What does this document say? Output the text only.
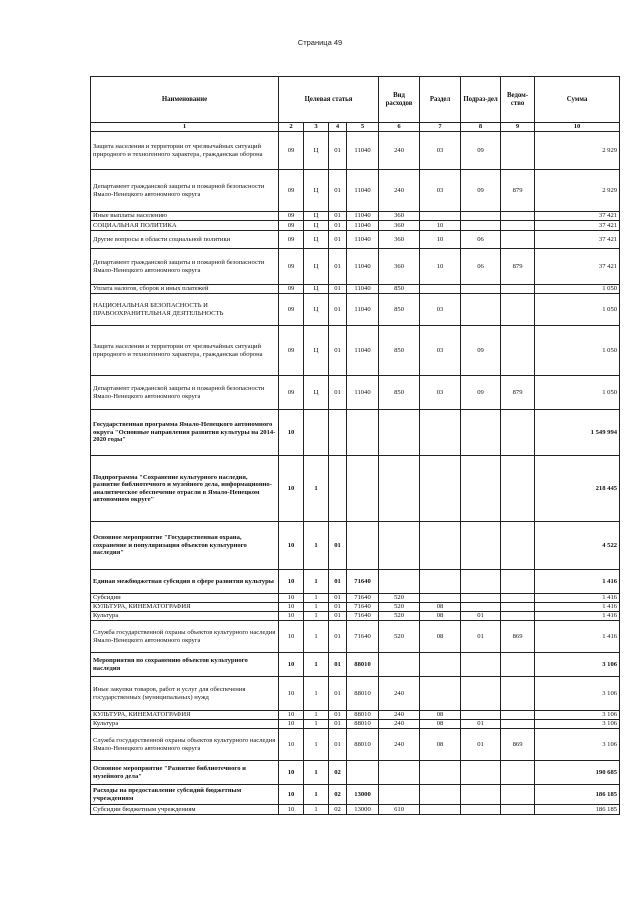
Страница 49
Наименование	Целевая статья				Вид расходов	Раздел	Подраз-дел	Ведом-ство	Сумма
1	2	3	4	5	6	7	8	9	10
Защита населения и территории от чрезвычайных ситуаций природного и техногенного характера, гражданская оборона	09	Ц	01	11040	240	03	09		2 929
Департамент гражданской защиты и пожарной безопасности Ямало-Ненецкого автономного округа	09	Ц	01	11040	240	03	09	879	2 929
Иные выплаты населению	09	Ц	01	11040	360				37 421
СОЦИАЛЬНАЯ ПОЛИТИКА	09	Ц	01	11040	360	10			37 421
Другие вопросы в области социальной политики	09	Ц	01	11040	360	10	06		37 421
Департамент гражданской защиты и пожарной безопасности Ямало-Ненецкого автономного округа	09	Ц	01	11040	360	10	06	879	37 421
Уплата налогов, сборов и иных платежей	09	Ц	01	11040	850				1 050
НАЦИОНАЛЬНАЯ БЕЗОПАСНОСТЬ И ПРАВООХРАНИТЕЛЬНАЯ ДЕЯТЕЛЬНОСТЬ	09	Ц	01	11040	850	03			1 050
Защита населения и территории от чрезвычайных ситуаций природного и техногенного характера, гражданская оборона	09	Ц	01	11040	850	03	09		1 050
Департамент гражданской защиты и пожарной безопасности Ямало-Ненецкого автономного округа	09	Ц	01	11040	850	03	09	879	1 050
Государственная программа Ямало-Ненецкого автономного округа "Основные направления развития культуры на 2014-2020 годы"	10								1 549 994
Подпрограмма "Сохранение культурного наследия, развитие библиотечного и музейного дела, информационно-аналитическое обеспечение отрасли в Ямало-Ненецком автономном округе"	10	1							218 445
Основное мероприятие "Государственная охрана, сохранение и популяризация объектов культурного наследия"	10	1	01						4 522
Единая межбюджетная субсидия в сфере развития культуры	10	1	01	71640					1 416
Субсидии	10	1	01	71640	520				1 416
КУЛЬТУРА, КИНЕМАТОГРАФИЯ	10	1	01	71640	520	08			1 416
Культура	10	1	01	71640	520	08	01		1 416
Служба государственной охраны объектов культурного наследия Ямало-Ненецкого автономного округа	10	1	01	71640	520	08	01	869	1 416
Мероприятия по сохранению объектов культурного наследия	10	1	01	88010					3 106
Иные закупки товаров, работ и услуг для обеспечения государственных (муниципальных) нужд	10	1	01	88010	240				3 106
КУЛЬТУРА, КИНЕМАТОГРАФИЯ	10	1	01	88010	240	08			3 106
Культура	10	1	01	88010	240	08	01		3 106
Служба государственной охраны объектов культурного наследия Ямало-Ненецкого автономного округа	10	1	01	88010	240	08	01	869	3 106
Основное мероприятие "Развитие библиотечного и музейного дела"	10	1	02						190 685
Расходы на предоставление субсидий бюджетным учреждениям	10	1	02	13000					186 185
Субсидии бюджетным учреждениям	10	1	02	13000	610				186 185
